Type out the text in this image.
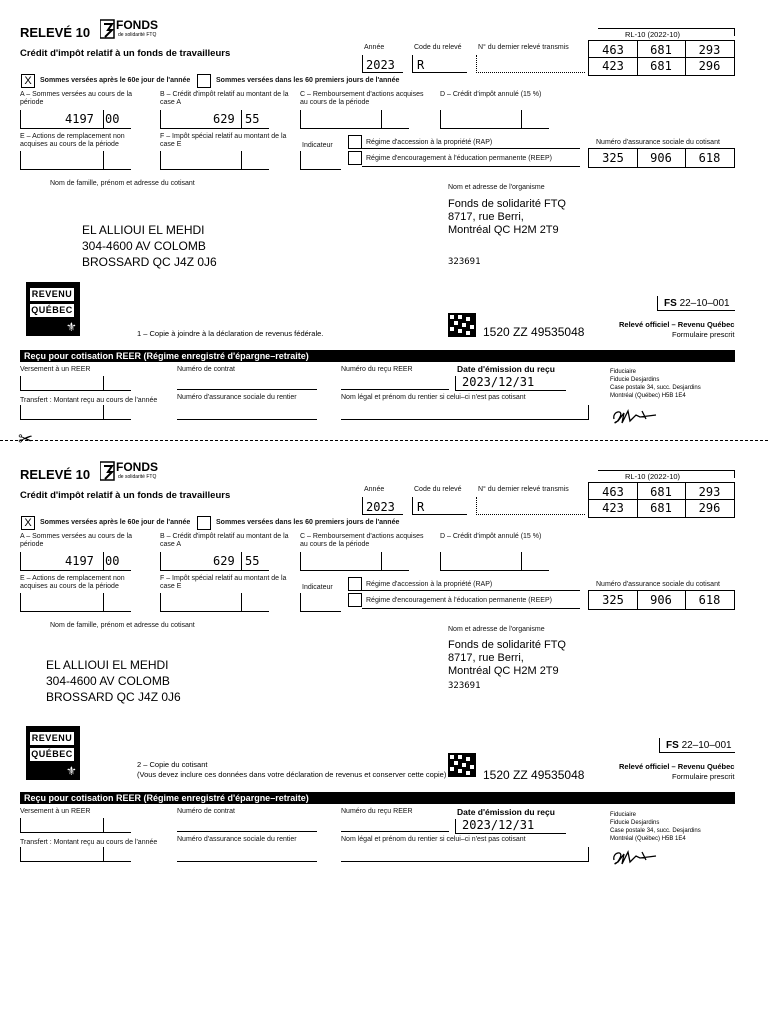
RELEVÉ 10 FONDS
de solidarité FTQ
Crédit d'impôt relatif à un fonds de travailleurs
RL-10 (2022-10)
Année
2023
Code du relevé
R
N° du dernier relevé transmis	463	681	293
423	681	296
X	Sommes versées après le 60e jour de l'année	Sommes versées dans les 60 premiers jours de l'année
A – Sommes versées au cours de la période
4197 00
B – Crédit d'impôt relatif au montant de la case A
629 55
C – Remboursement d'actions acquises au cours de la période
D – Crédit d'impôt annulé (15 %)
E – Actions de remplacement non acquises au cours de la période
F – Impôt spécial relatif au montant de la case E	Indicateur	Régime d'accession à la propriété (RAP)
Régime d'encouragement à l'éducation permanente (REEP)
Numéro d'assurance sociale du cotisant
325	906	618
Nom de famille, prénom et adresse du cotisant
Nom et adresse de l'organisme
EL ALLIOUI EL MEHDI
304-4600 AV COLOMB
BROSSARD QC J4Z 0J6
Fonds de solidarité FTQ
8717, rue Berri,
Montréal QC H2M 2T9
323691
REVENU
QUÉBEC
⚜	1 – Copie à joindre à la déclaration de revenus fédérale.
FS 22–10–001
1520 ZZ 49535048
Relevé officiel – Revenu Québec
Formulaire prescrit
Reçu pour cotisation REER (Régime enregistré d'épargne–retraite)
Versement à un REER	Numéro de contrat	Numéro du reçu REER	Date d'émission du reçu
2023/12/31
Transfert : Montant reçu au cours de l'année	Numéro d'assurance sociale du rentier	Nom légal et prénom du rentier si celui–ci n'est pas cotisant
Fiduciaire
Fiducie Desjardins
Case postale 34, succ. Desjardins
Montréal (Québec) H5B 1E4
✂
RELEVÉ 10 FONDS
de solidarité FTQ
Crédit d'impôt relatif à un fonds de travailleurs
RL-10 (2022-10)
Année
2023
Code du relevé
R
N° du dernier relevé transmis	463	681	293
423	681	296
X	Sommes versées après le 60e jour de l'année	Sommes versées dans les 60 premiers jours de l'année
A – Sommes versées au cours de la période
4197 00
B – Crédit d'impôt relatif au montant de la case A
629 55
C – Remboursement d'actions acquises au cours de la période
D – Crédit d'impôt annulé (15 %)
E – Actions de remplacement non acquises au cours de la période
F – Impôt spécial relatif au montant de la case E	Indicateur	Régime d'accession à la propriété (RAP)
Régime d'encouragement à l'éducation permanente (REEP)
Numéro d'assurance sociale du cotisant
325	906	618
Nom de famille, prénom et adresse du cotisant
Nom et adresse de l'organisme
EL ALLIOUI EL MEHDI
304-4600 AV COLOMB
BROSSARD QC J4Z 0J6
Fonds de solidarité FTQ
8717, rue Berri,
Montréal QC H2M 2T9
323691
REVENU
QUÉBEC
⚜	2 – Copie du cotisant
(Vous devez inclure ces données dans votre déclaration de revenus et conserver cette copie)
FS 22–10–001
1520 ZZ 49535048
Relevé officiel – Revenu Québec
Formulaire prescrit
Reçu pour cotisation REER (Régime enregistré d'épargne–retraite)
Versement à un REER	Numéro de contrat	Numéro du reçu REER	Date d'émission du reçu
2023/12/31
Transfert : Montant reçu au cours de l'année	Numéro d'assurance sociale du rentier	Nom légal et prénom du rentier si celui–ci n'est pas cotisant
Fiduciaire
Fiducie Desjardins
Case postale 34, succ. Desjardins
Montréal (Québec) H5B 1E4
